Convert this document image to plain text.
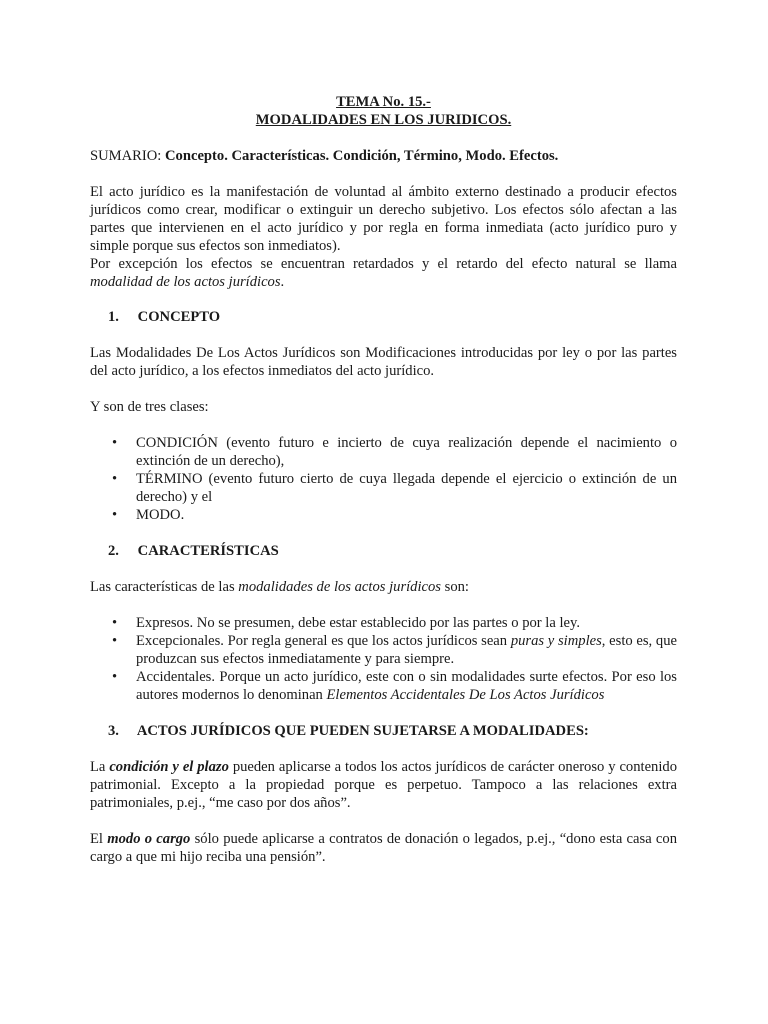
TEMA No. 15.-

MODALIDADES EN LOS JURIDICOS.

SUMARIO: Concepto. Características. Condición, Término, Modo. Efectos.

El acto jurídico es la manifestación de voluntad al ámbito externo destinado a producir efectos jurídicos como crear, modificar o extinguir un derecho subjetivo. Los efectos sólo afectan a las partes que intervienen en el acto jurídico y por regla en forma inmediata (acto jurídico puro y simple porque sus efectos son inmediatos).

Por excepción los efectos se encuentran retardados y el retardo del efecto natural se llama modalidad de los actos jurídicos.

1. CONCEPTO

Las Modalidades De Los Actos Jurídicos son Modificaciones introducidas por ley o por las partes del acto jurídico, a los efectos inmediatos del acto jurídico.

Y son de tres clases:

• CONDICIÓN (evento futuro e incierto de cuya realización depende el nacimiento o extinción de un derecho),
• TÉRMINO (evento futuro cierto de cuya llegada depende el ejercicio o extinción de un derecho) y el
• MODO.
2. CARACTERÍSTICAS

Las características de las modalidades de los actos jurídicos son:

• Expresos. No se presumen, debe estar establecido por las partes o por la ley.
• Excepcionales. Por regla general es que los actos jurídicos sean puras y simples, esto es, que produzcan sus efectos inmediatamente y para siempre.
• Accidentales. Porque un acto jurídico, este con o sin modalidades surte efectos. Por eso los autores modernos lo denominan Elementos Accidentales De Los Actos Jurídicos
3. ACTOS JURÍDICOS QUE PUEDEN SUJETARSE A MODALIDADES:

La condición y el plazo pueden aplicarse a todos los actos jurídicos de carácter oneroso y contenido patrimonial. Excepto a la propiedad porque es perpetuo. Tampoco a las relaciones extra patrimoniales, p.ej., “me caso por dos años”.

El modo o cargo sólo puede aplicarse a contratos de donación o legados, p.ej., “dono esta casa con cargo a que mi hijo reciba una pensión”.
